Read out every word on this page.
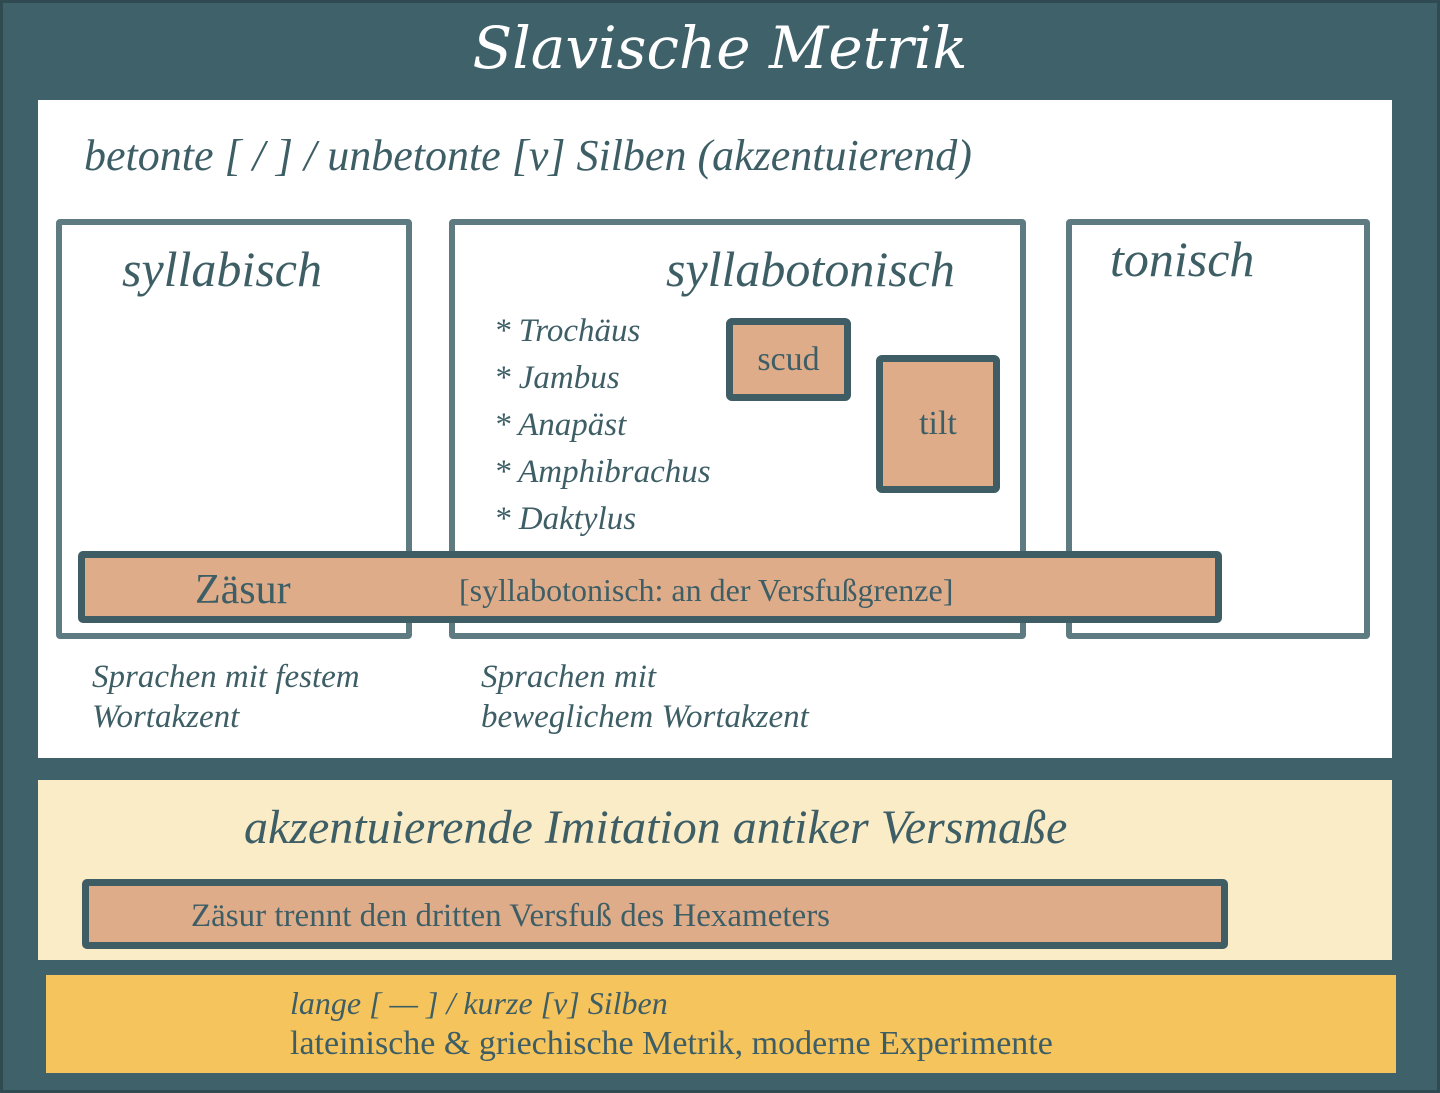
Slavische Metrik
betonte [ / ] / unbetonte [v] Silben (akzentuierend)
syllabisch	syllabotonisch	tonisch
* Trochäus
* Jambus
* Anapäst
* Amphibrachus
* Daktylus
scud
tilt
Zäsur	[syllabotonisch: an der Versfußgrenze]
Sprachen mit festem
Wortakzent
Sprachen mit
beweglichem Wortakzent
akzentuierende Imitation antiker Versmaße
Zäsur trennt den dritten Versfuß des Hexameters
lange [ — ] / kurze [v] Silben
lateinische & griechische Metrik, moderne Experimente
